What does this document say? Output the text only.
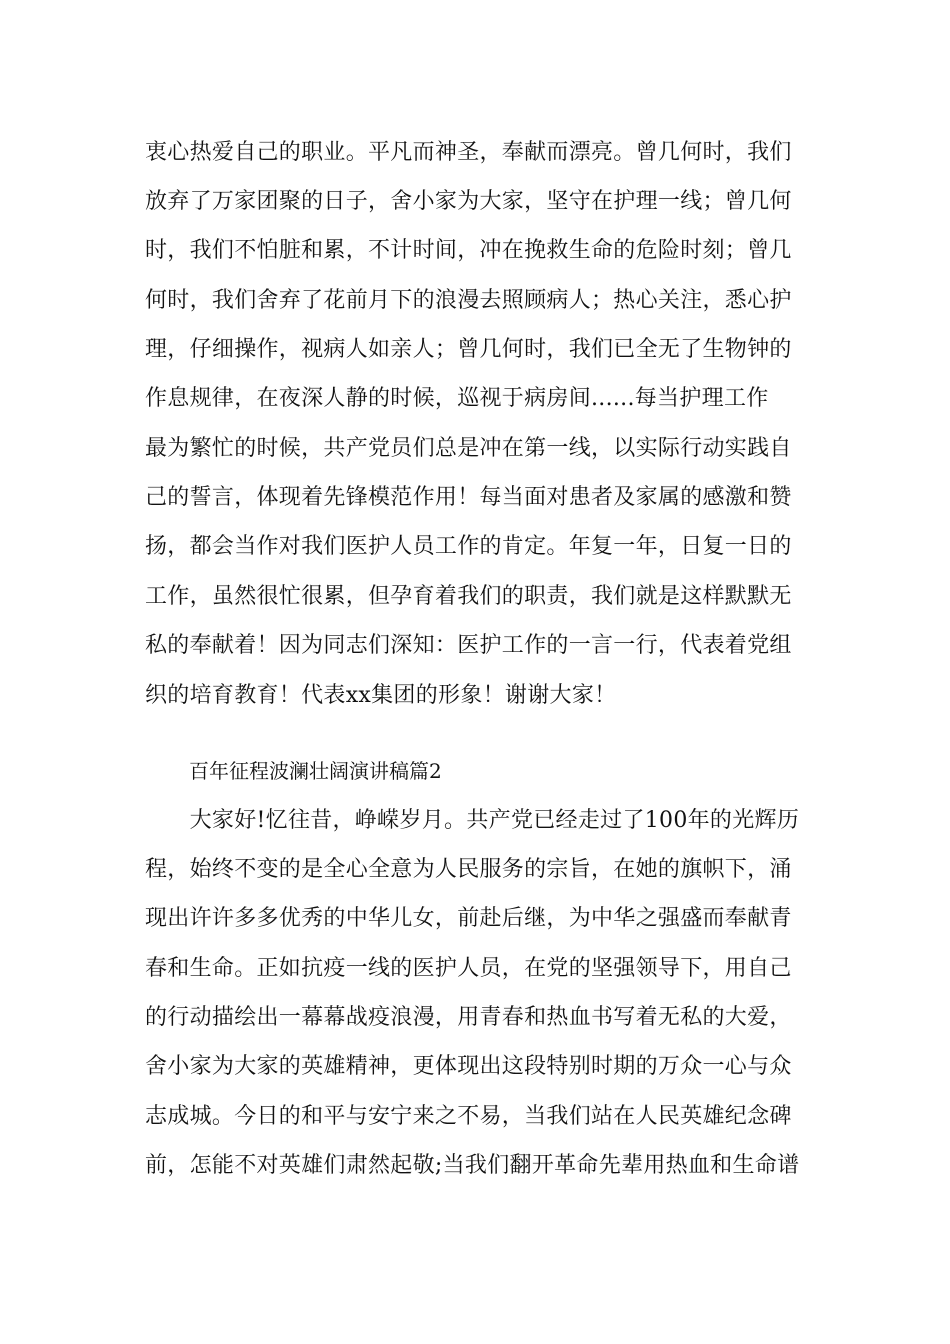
衷心热爱自己的职业。平凡而神圣，奉献而漂亮。曾几何时，我们
放弃了万家团聚的日子，舍小家为大家，坚守在护理一线；曾几何
时，我们不怕脏和累，不计时间，冲在挽救生命的危险时刻；曾几
何时，我们舍弃了花前月下的浪漫去照顾病人；热心关注，悉心护
理，仔细操作，视病人如亲人；曾几何时，我们已全无了生物钟的
作息规律，在夜深人静的时候，巡视于病房间......每当护理工作
最为繁忙的时候，共产党员们总是冲在第一线，以实际行动实践自
己的誓言，体现着先锋模范作用！每当面对患者及家属的感激和赞
扬，都会当作对我们医护人员工作的肯定。年复一年，日复一日的
工作，虽然很忙很累，但孕育着我们的职责，我们就是这样默默无
私的奉献着！因为同志们深知：医护工作的一言一行，代表着党组
织的培育教育！代表xx集团的形象！谢谢大家！
百年征程波澜壮阔演讲稿篇2
　　大家好!忆往昔，峥嵘岁月。共产党已经走过了100年的光辉历
程，始终不变的是全心全意为人民服务的宗旨，在她的旗帜下，涌
现出许许多多优秀的中华儿女，前赴后继，为中华之强盛而奉献青
春和生命。正如抗疫一线的医护人员，在党的坚强领导下，用自己
的行动描绘出一幕幕战疫浪漫，用青春和热血书写着无私的大爱，
舍小家为大家的英雄精神，更体现出这段特别时期的万众一心与众
志成城。今日的和平与安宁来之不易，当我们站在人民英雄纪念碑
前，怎能不对英雄们肃然起敬;当我们翻开革命先辈用热血和生命谱
